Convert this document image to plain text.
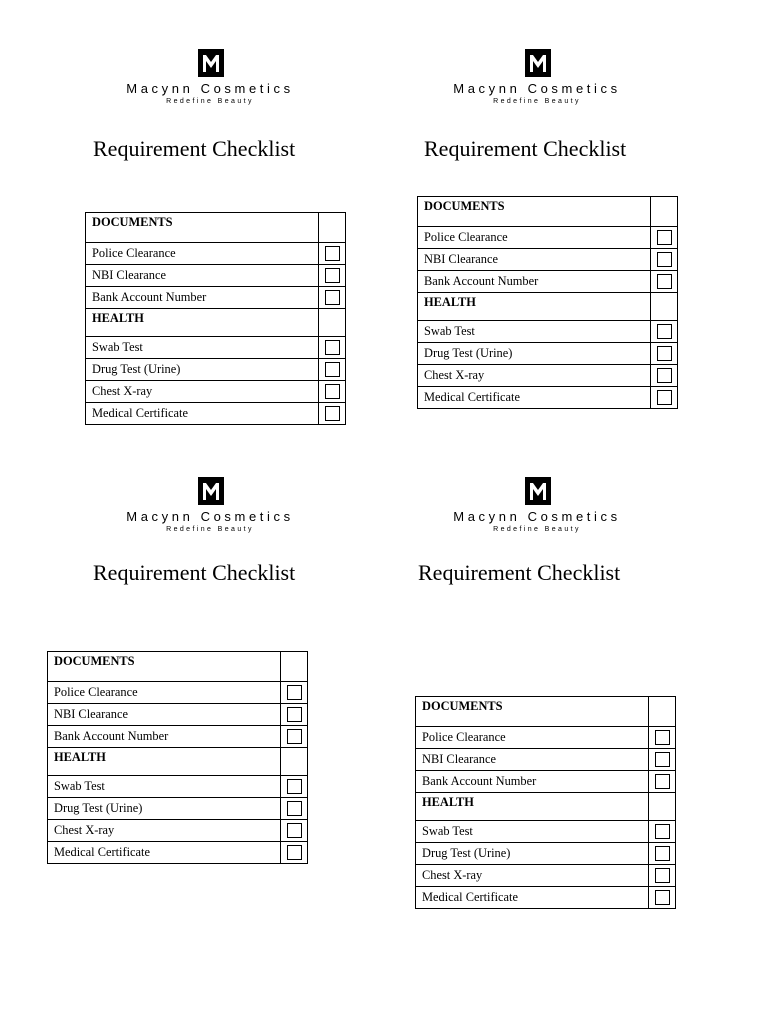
Macynn Cosmetics
Redefine Beauty
Requirement Checklist
DOCUMENTS	
Police Clearance	
NBI Clearance	
Bank Account Number	
HEALTH	
Swab Test	
Drug Test (Urine)	
Chest X-ray	
Medical Certificate	
Macynn Cosmetics
Redefine Beauty
Requirement Checklist
DOCUMENTS	
Police Clearance	
NBI Clearance	
Bank Account Number	
HEALTH	
Swab Test	
Drug Test (Urine)	
Chest X-ray	
Medical Certificate	
Macynn Cosmetics
Redefine Beauty
Requirement Checklist
DOCUMENTS	
Police Clearance	
NBI Clearance	
Bank Account Number	
HEALTH	
Swab Test	
Drug Test (Urine)	
Chest X-ray	
Medical Certificate	
Macynn Cosmetics
Redefine Beauty
Requirement Checklist
DOCUMENTS	
Police Clearance	
NBI Clearance	
Bank Account Number	
HEALTH	
Swab Test	
Drug Test (Urine)	
Chest X-ray	
Medical Certificate	
